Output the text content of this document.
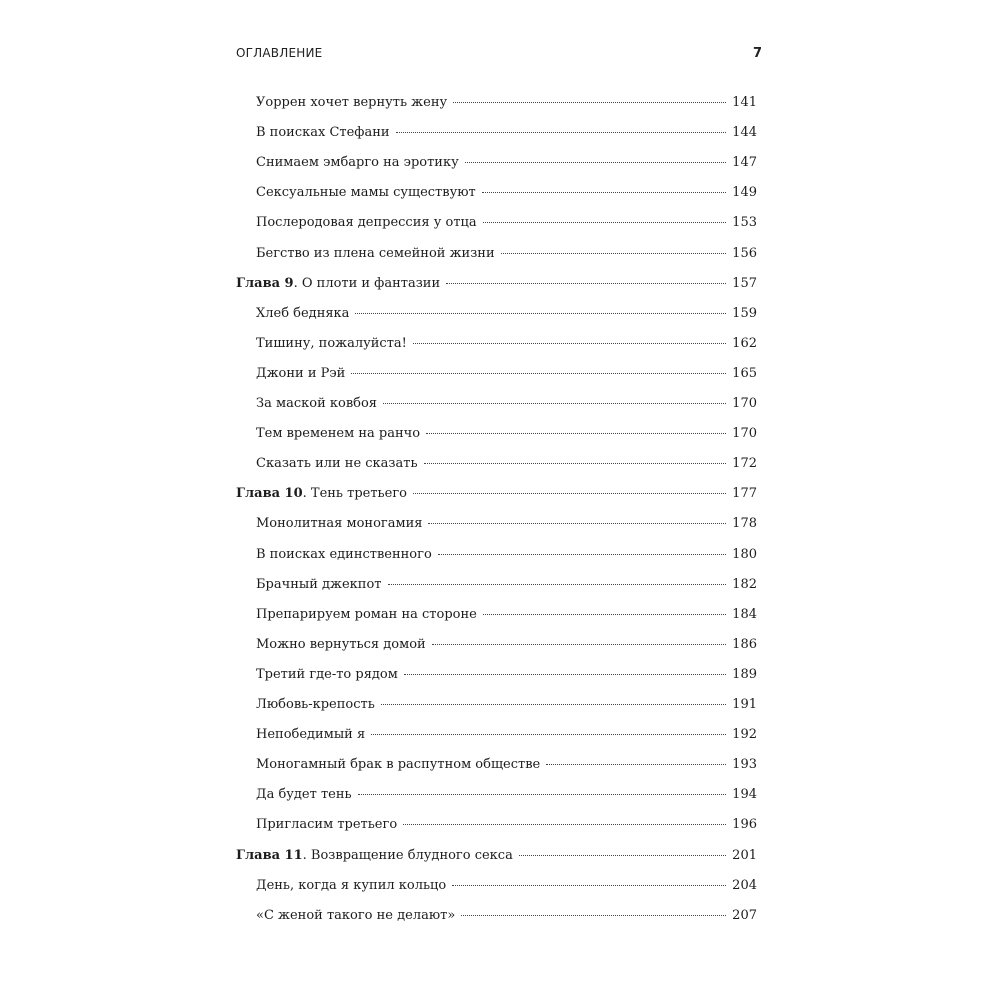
ОГЛАВЛЕНИЕ	7
Уоррен хочет вернуть жену	141
В поисках Стефани	144
Снимаем эмбарго на эротику	147
Сексуальные мамы существуют	149
Послеродовая депрессия у отца	153
Бегство из плена семейной жизни	156
Глава 9. О плоти и фантазии	157
Хлеб бедняка	159
Тишину, пожалуйста!	162
Джони и Рэй	165
За маской ковбоя	170
Тем временем на ранчо	170
Сказать или не сказать	172
Глава 10. Тень третьего	177
Монолитная моногамия	178
В поисках единственного	180
Брачный джекпот	182
Препарируем роман на стороне	184
Можно вернуться домой	186
Третий где-то рядом	189
Любовь-крепость	191
Непобедимый я	192
Моногамный брак в распутном обществе	193
Да будет тень	194
Пригласим третьего	196
Глава 11. Возвращение блудного секса	201
День, когда я купил кольцо	204
«С женой такого не делают»	207
